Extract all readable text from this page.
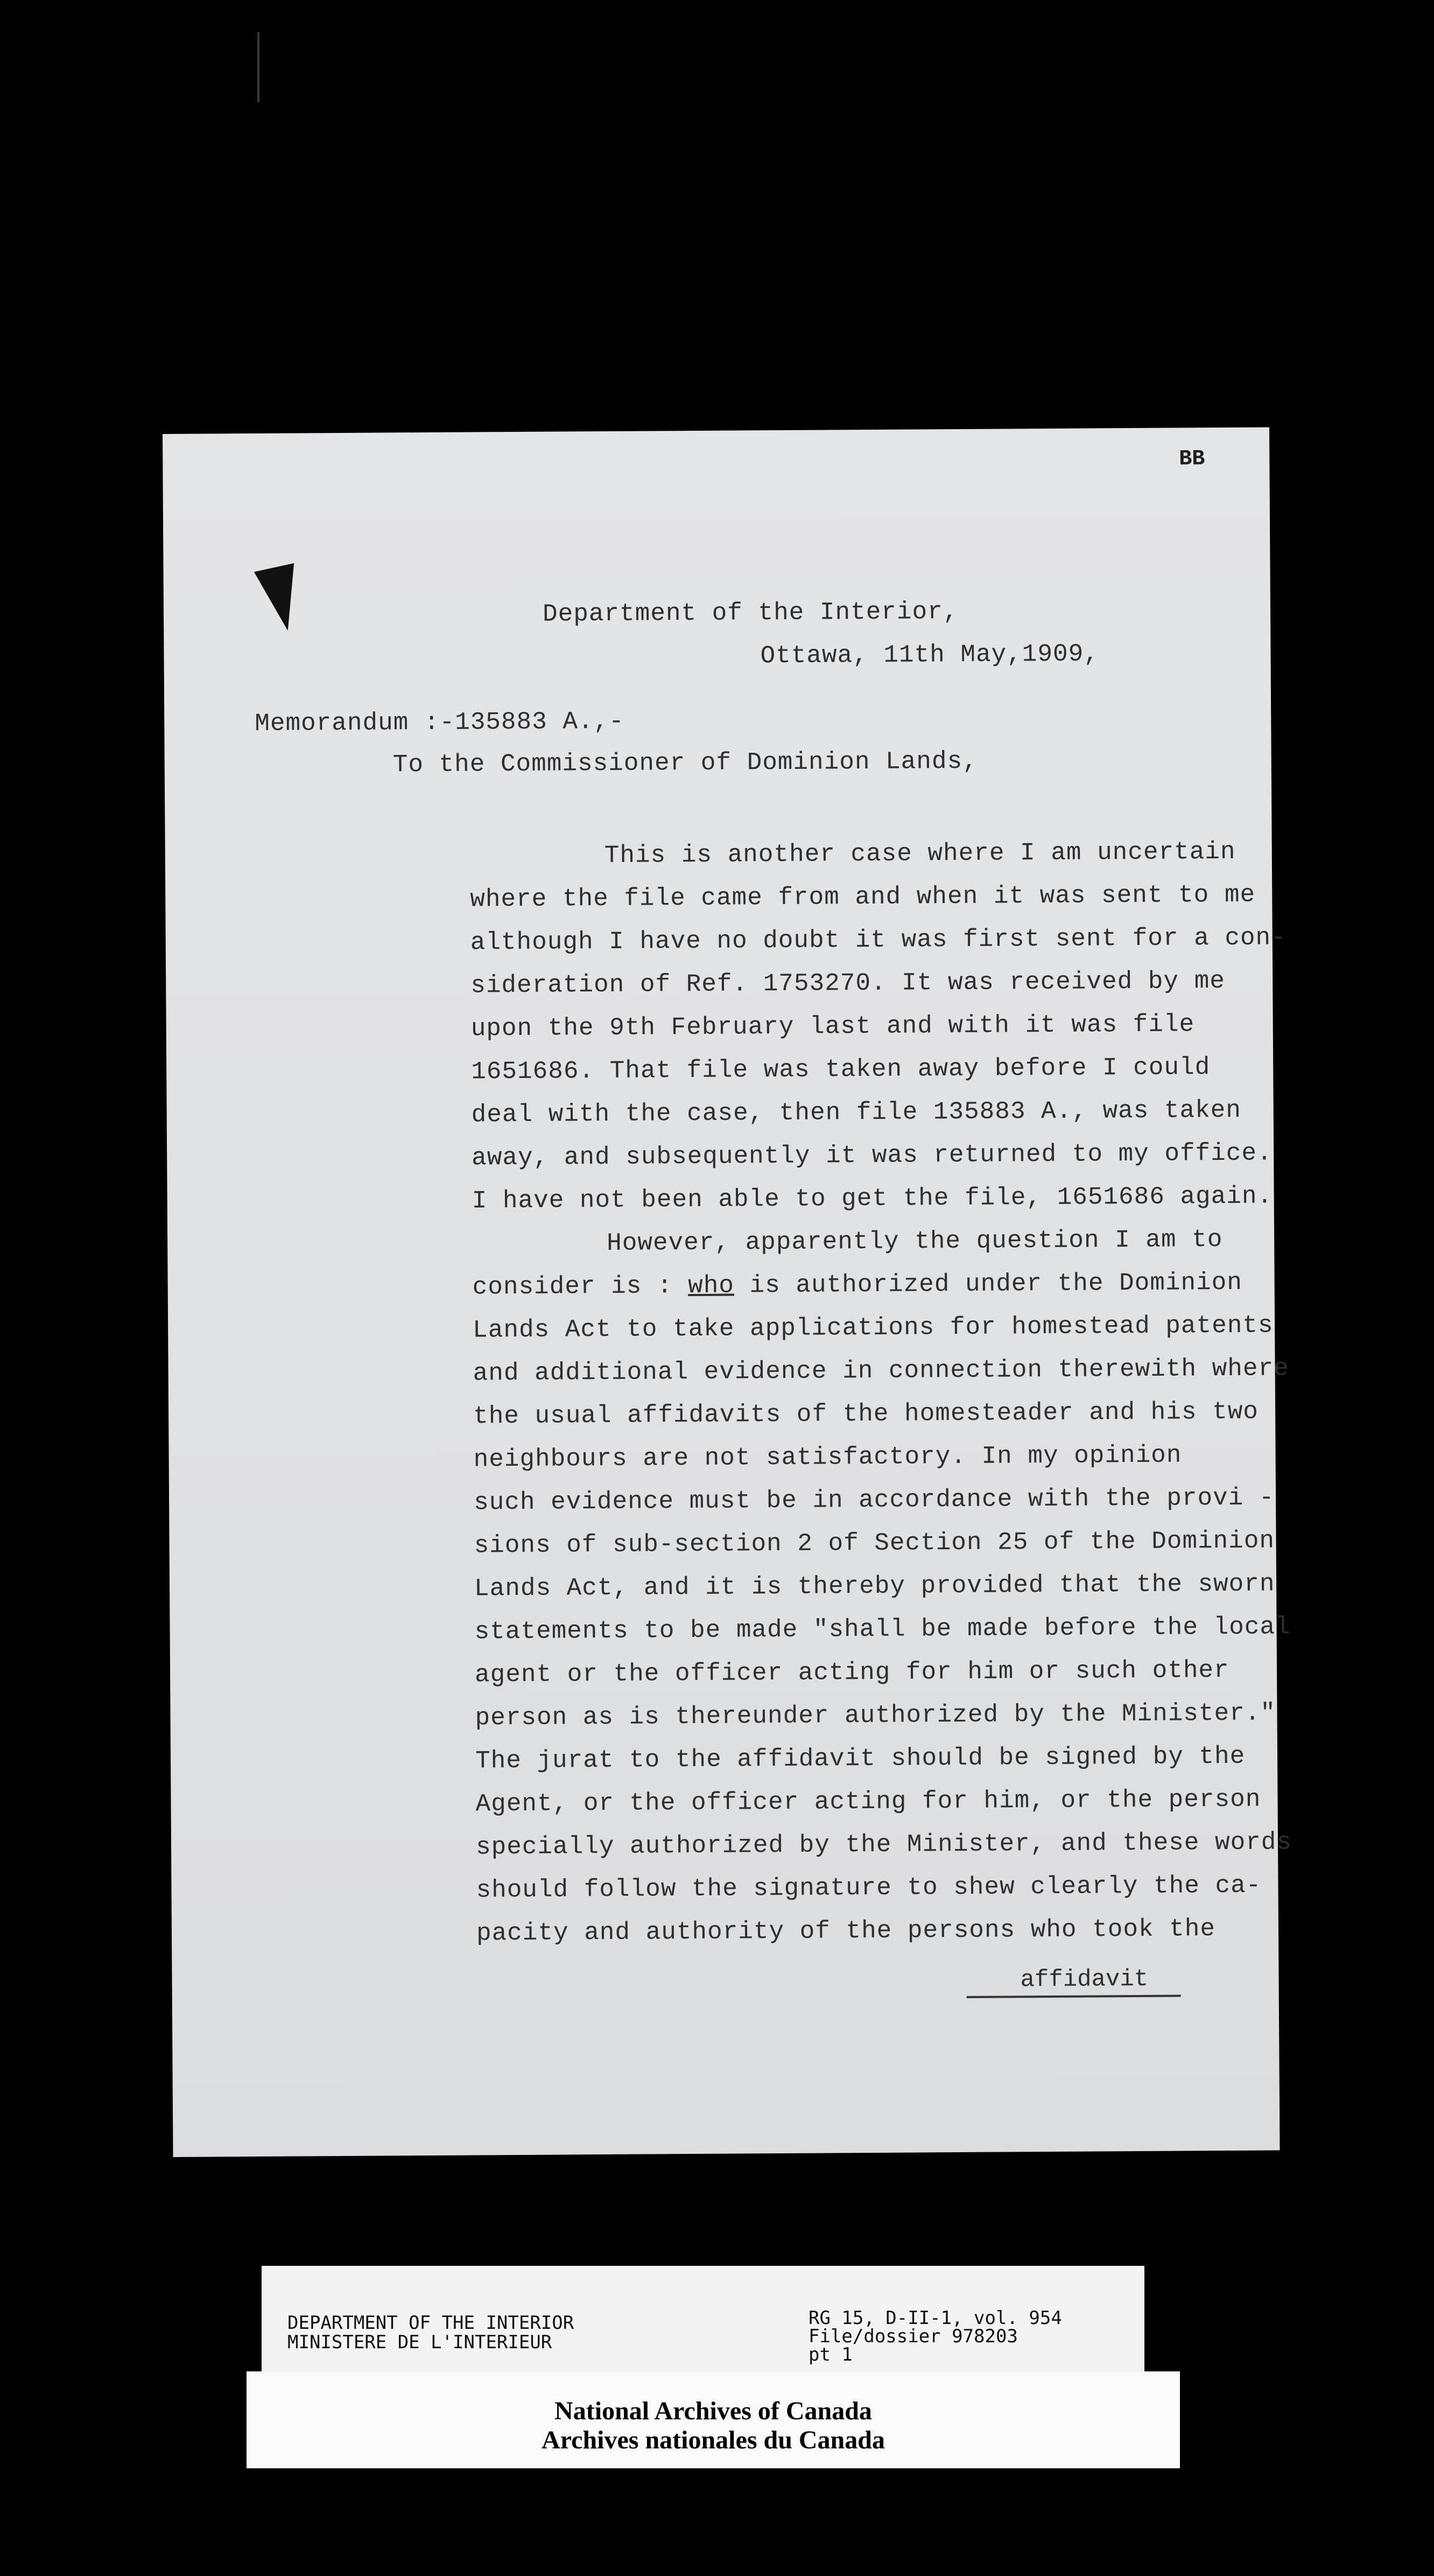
BB
Department of the Interior,
Ottawa, 11th May,1909,
Memorandum :-135883 A.,-
To the Commissioner of Dominion Lands,
This is another case where I am uncertain
where the file came from and when it was sent to me
although I have no doubt it was first sent for a con-
sideration of Ref. 1753270. It was received by me
upon the 9th February last and with it was file
1651686. That file was taken away before I could
deal with the case, then file 135883 A., was taken
away, and subsequently it was returned to my office.
I have not been able to get the file, 1651686 again.
However, apparently the question I am to
consider is : who is authorized under the Dominion
Lands Act to take applications for homestead patents
and additional evidence in connection therewith where
the usual affidavits of the homesteader and his two
neighbours are not satisfactory. In my opinion
such evidence must be in accordance with the provi -
sions of sub-section 2 of Section 25 of the Dominion
Lands Act, and it is thereby provided that the sworn
statements to be made "shall be made before the local
agent or the officer acting for him or such other
person as is thereunder authorized by the Minister."
The jurat to the affidavit should be signed by the
Agent, or the officer acting for him, or the person
specially authorized by the Minister, and these words
should follow the signature to shew clearly the ca-
pacity and authority of the persons who took the
affidavit
DEPARTMENT OF THE INTERIOR
MINISTERE DE L'INTERIEUR
RG 15, D-II-1, vol. 954
File/dossier 978203
pt 1
National Archives of Canada
Archives nationales du Canada
